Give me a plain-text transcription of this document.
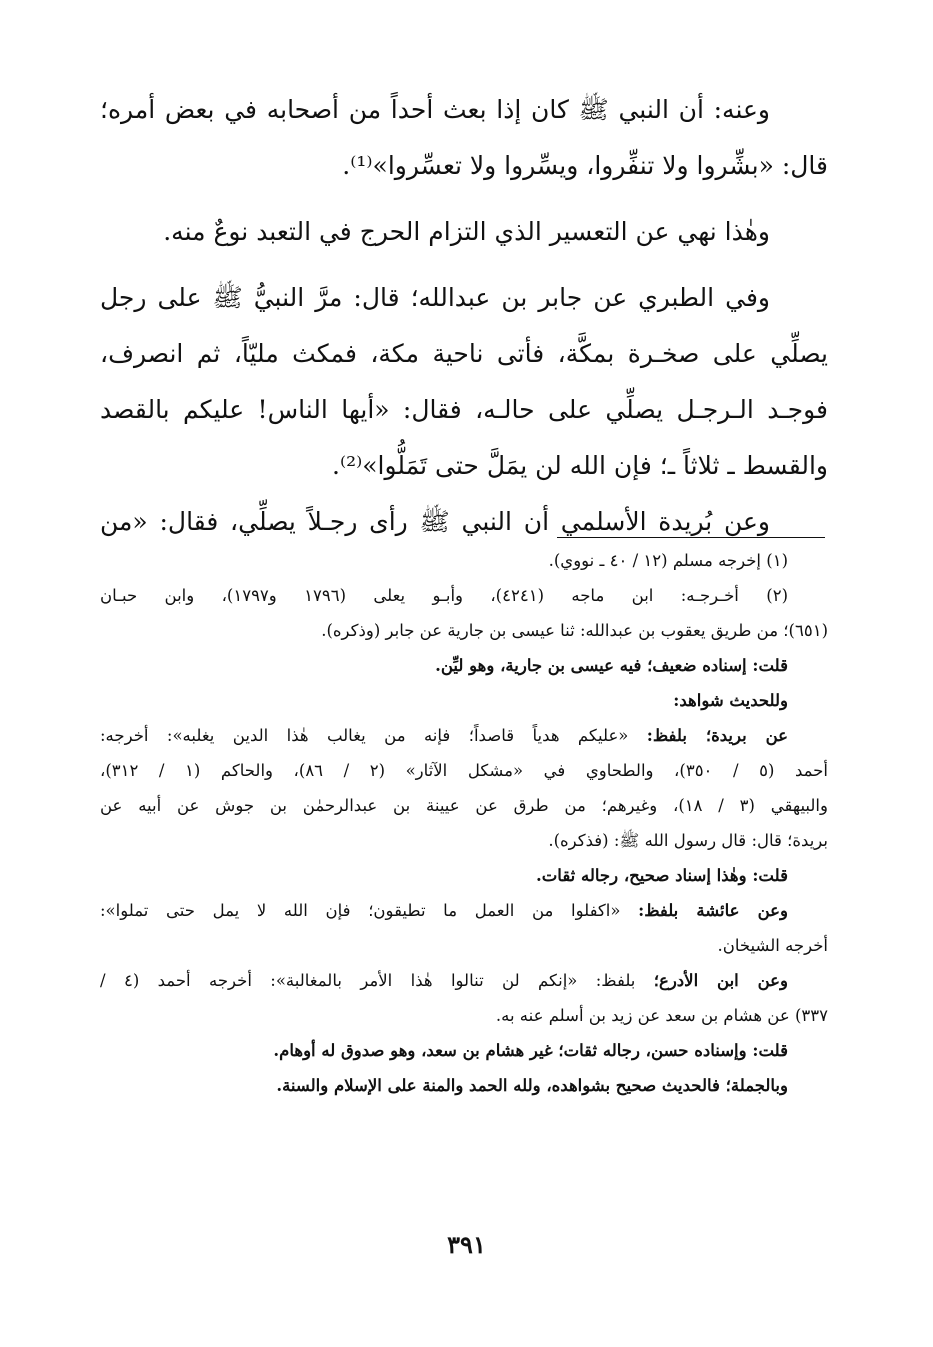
وعنه: أن النبي ﷺ كان إذا بعث أحداً من أصحابه في بعض أمره؛
قال: «بشِّروا ولا تنفِّروا، ويسِّروا ولا تعسِّروا»⁽¹⁾.
وهٰذا نهي عن التعسير الذي التزام الحرج في التعبد نوعٌ منه.
وفي الطبري عن جابر بن عبدالله؛ قال: مرَّ النبيُّ ﷺ على رجل
يصلِّي على صخـرة بمكَّة، فأتى ناحية مكة، فمكث مليّاً، ثم انصرف،
فوجـد الـرجـل يصلِّي على حالـه، فقال: «أيها الناس! عليكم بالقصد
والقسط ـ ثلاثاً ـ؛ فإن الله لن يمَلَّ حتى تَمَلُّوا»⁽²⁾.
وعن بُريدة الأسلمي أن النبي ﷺ رأى رجـلاً يصلِّي، فقال: «من
(١) إخرجه مسلم (١٢ / ٤٠ ـ نووي).
(٢) أخـرجـه: ابن ماجه (٤٢٤١)، وأبـو يعلى (١٧٩٦ و١٧٩٧)، وابن حبـان
(٦٥١)؛ من طريق يعقوب بن عبدالله: ثنا عيسى بن جارية عن جابر (وذكره).
قلت: إسناده ضعيف؛ فيه عيسى بن جارية، وهو ليِّن.
وللحديث شواهد:
عن بريدة؛ بلفظ: «عليكم هدياً قاصداً؛ فإنه من يغالب هٰذا الدين يغلبه»: أخرجه:
أحمد (٥ / ٣٥٠)، والطحاوي في «مشكل الآثار» (٢ / ٨٦)، والحاكم (١ / ٣١٢)،
والبيهقي (٣ / ١٨)، وغيرهم؛ من طرق عن عيينة بن عبدالرحمٰن بن جوش عن أبيه عن
بريدة؛ قال: قال رسول الله ﷺ: (فذكره).
قلت: وهٰذا إسناد صحيح، رجاله ثقات.
وعن عائشة بلفظ: «اكفلوا من العمل ما تطيقون؛ فإن الله لا يمل حتى تملوا»:
أخرجه الشيخان.
وعن ابن الأدرع؛ بلفظ: «إنكم لن تنالوا هٰذا الأمر بالمغالبة»: أخرجه أحمد (٤ /
٣٣٧) عن هشام بن سعد عن زيد بن أسلم عنه به.
قلت: وإسناده حسن، رجاله ثقات؛ غير هشام بن سعد، وهو صدوق له أوهام.
وبالجملة؛ فالحديث صحيح بشواهده، ولله الحمد والمنة على الإسلام والسنة.
٣٩١
